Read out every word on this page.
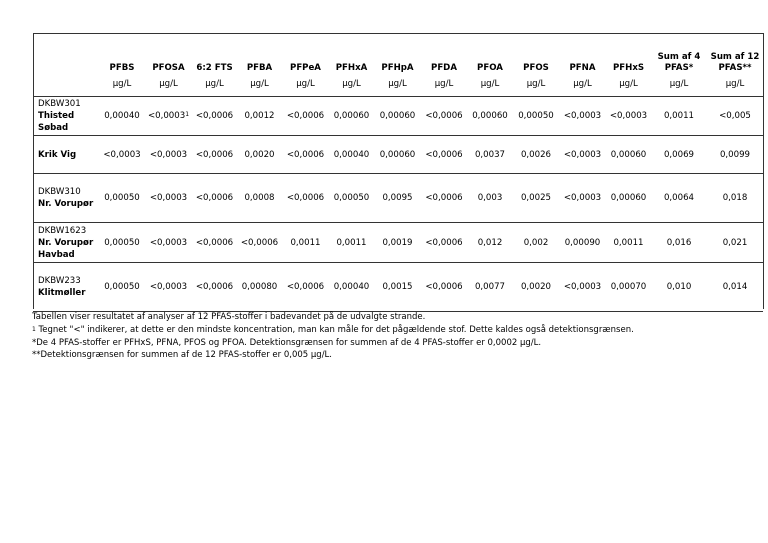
	PFBS	PFOSA	6:2 FTS	PFBA	PFPeA	PFHxA	PFHpA	PFDA	PFOA	PFOS	PFNA	PFHxS	Sum af 4 PFAS*	Sum af 12 PFAS**
	µg/L	µg/L	µg/L	µg/L	µg/L	µg/L	µg/L	µg/L	µg/L	µg/L	µg/L	µg/L	µg/L	µg/L

DKBW301
Thisted Søbad	0,00040	<0,0003$^1$	<0,0006	0,0012	<0,0006	0,00060	0,00060	<0,0006	0,00060	0,00050	<0,0003	<0,0003	0,0011	<0,005

Krik Vig	<0,0003	<0,0003	<0,0006	0,0020	<0,0006	0,00040	0,00060	<0,0006	0,0037	0,0026	<0,0003	0,00060	0,0069	0,0099

DKBW310
Nr. Vorupør	0,00050	<0,0003	<0,0006	0,0008	<0,0006	0,00050	0,0095	<0,0006	0,003	0,0025	<0,0003	0,00060	0,0064	0,018

DKBW1623
Nr. Vorupør Havbad	0,00050	<0,0003	<0,0006	<0,0006	0,0011	0,0011	0,0019	<0,0006	0,012	0,002	0,00090	0,0011	0,016	0,021

DKBW233
Klitmøller	0,00050	<0,0003	<0,0006	0,00080	<0,0006	0,00040	0,0015	<0,0006	0,0077	0,0020	<0,0003	0,00070	0,010	0,014

Tabellen viser resultatet af analyser af 12 PFAS-stoffer i badevandet på de udvalgte strande.

$^1$ Tegnet "<" indikerer, at dette er den mindste koncentration, man kan måle for det pågældende stof. Dette kaldes også detektionsgrænsen.

*De 4 PFAS-stoffer er PFHxS, PFNA, PFOS og PFOA. Detektionsgrænsen for summen af de 4 PFAS-stoffer er 0,0002 µg/L.

**Detektionsgrænsen for summen af de 12 PFAS-stoffer er 0,005 µg/L.
